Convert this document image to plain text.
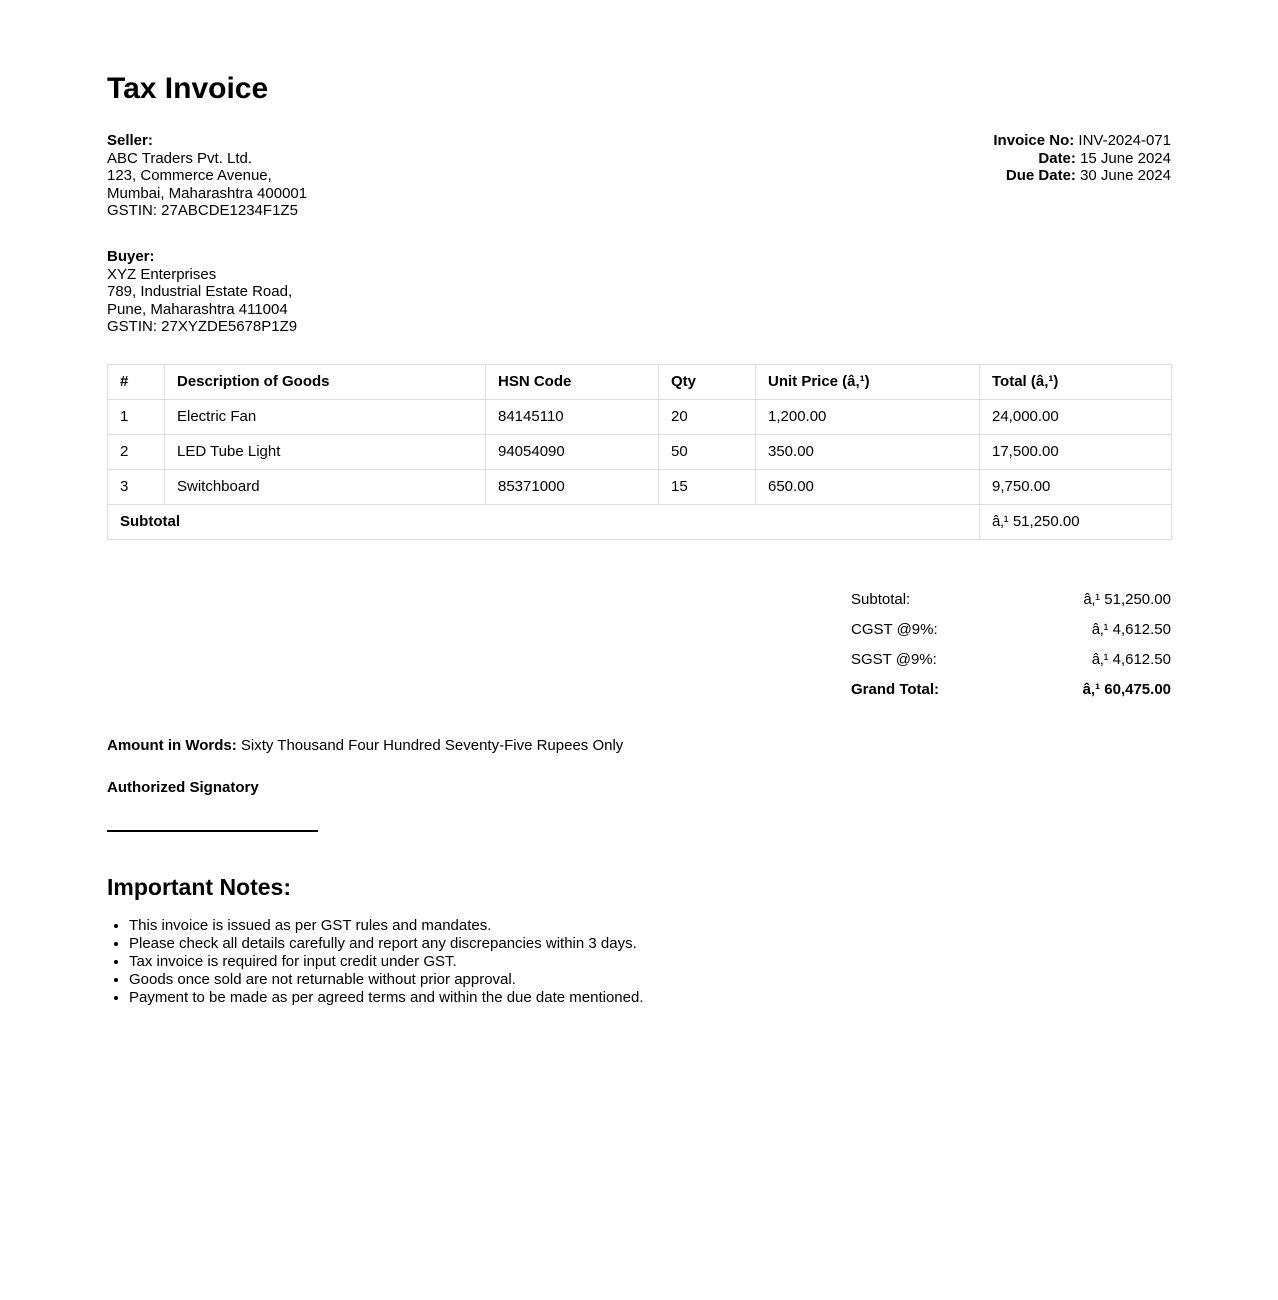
Tax Invoice

Seller:

ABC Traders Pvt. Ltd.

123, Commerce Avenue,

Mumbai, Maharashtra 400001

GSTIN: 27ABCDE1234F1Z5

Invoice No: INV-2024-071

Date: 15 June 2024

Due Date: 30 June 2024

Buyer:

XYZ Enterprises

789, Industrial Estate Road,

Pune, Maharashtra 411004

GSTIN: 27XYZDE5678P1Z9

#	Description of Goods	HSN Code	Qty	Unit Price (â‚¹)	Total (â‚¹)
1	Electric Fan	84145110	20	1,200.00	24,000.00
2	LED Tube Light	94054090	50	350.00	17,500.00
3	Switchboard	85371000	15	650.00	9,750.00
Subtotal					â‚¹ 51,250.00
Subtotal:	â‚¹ 51,250.00
CGST @9%:	â‚¹ 4,612.50
SGST @9%:	â‚¹ 4,612.50
Grand Total:	â‚¹ 60,475.00

Amount in Words: Sixty Thousand Four Hundred Seventy-Five Rupees Only

Authorized Signatory

Important Notes:
• This invoice is issued as per GST rules and mandates.
• Please check all details carefully and report any discrepancies within 3 days.
• Tax invoice is required for input credit under GST.
• Goods once sold are not returnable without prior approval.
• Payment to be made as per agreed terms and within the due date mentioned.
